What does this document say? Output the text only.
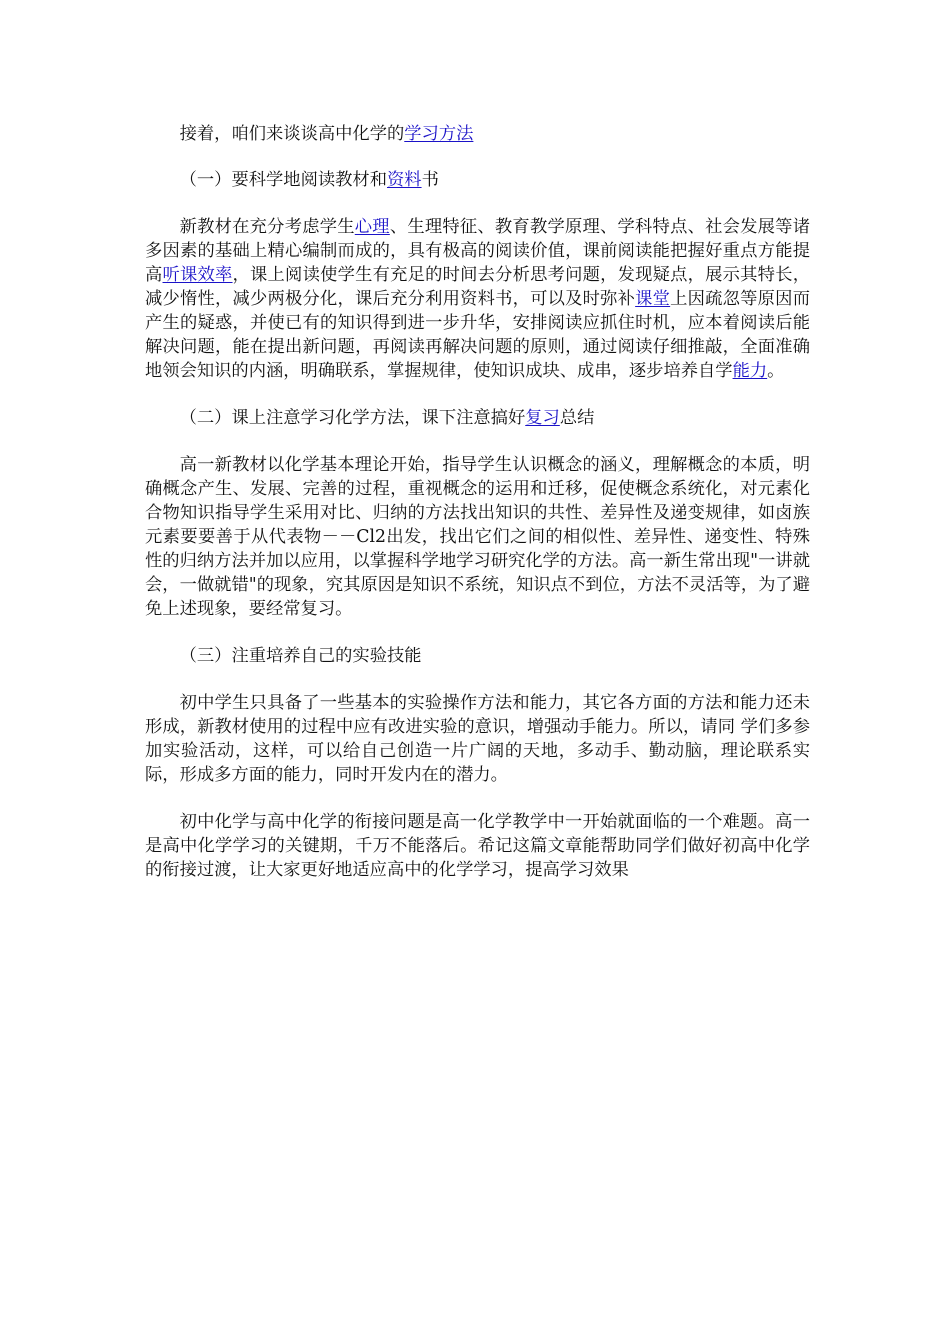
接着，咱们来谈谈高中化学的学习方法

（一）要科学地阅读教材和资料书

新教材在充分考虑学生心理、生理特征、教育教学原理、学科特点、社会发展等诸多因素的基础上精心编制而成的，具有极高的阅读价值，课前阅读能把握好重点方能提高听课效率，课上阅读使学生有充足的时间去分析思考问题，发现疑点，展示其特长，减少惰性，减少两极分化，课后充分利用资料书，可以及时弥补课堂上因疏忽等原因而产生的疑惑，并使已有的知识得到进一步升华，安排阅读应抓住时机，应本着阅读后能解决问题，能在提出新问题，再阅读再解决问题的原则，通过阅读仔细推敲，全面准确地领会知识的内涵，明确联系，掌握规律，使知识成块、成串，逐步培养自学能力。

（二）课上注意学习化学方法，课下注意搞好复习总结

高一新教材以化学基本理论开始，指导学生认识概念的涵义，理解概念的本质，明确概念产生、发展、完善的过程，重视概念的运用和迁移，促使概念系统化，对元素化合物知识指导学生采用对比、归纳的方法找出知识的共性、差异性及递变规律，如卤族元素要要善于从代表物－－Cl2出发，找出它们之间的相似性、差异性、递变性、特殊性的归纳方法并加以应用，以掌握科学地学习研究化学的方法。高一新生常出现"一讲就会，一做就错"的现象，究其原因是知识不系统，知识点不到位，方法不灵活等，为了避免上述现象，要经常复习。

（三）注重培养自己的实验技能

初中学生只具备了一些基本的实验操作方法和能力，其它各方面的方法和能力还未形成，新教材使用的过程中应有改进实验的意识，增强动手能力。所以，请同 学们多参加实验活动，这样，可以给自己创造一片广阔的天地，多动手、勤动脑，理论联系实际，形成多方面的能力，同时开发内在的潜力。

初中化学与高中化学的衔接问题是高一化学教学中一开始就面临的一个难题。高一是高中化学学习的关键期，千万不能落后。希记这篇文章能帮助同学们做好初高中化学的衔接过渡，让大家更好地适应高中的化学学习，提高学习效果
